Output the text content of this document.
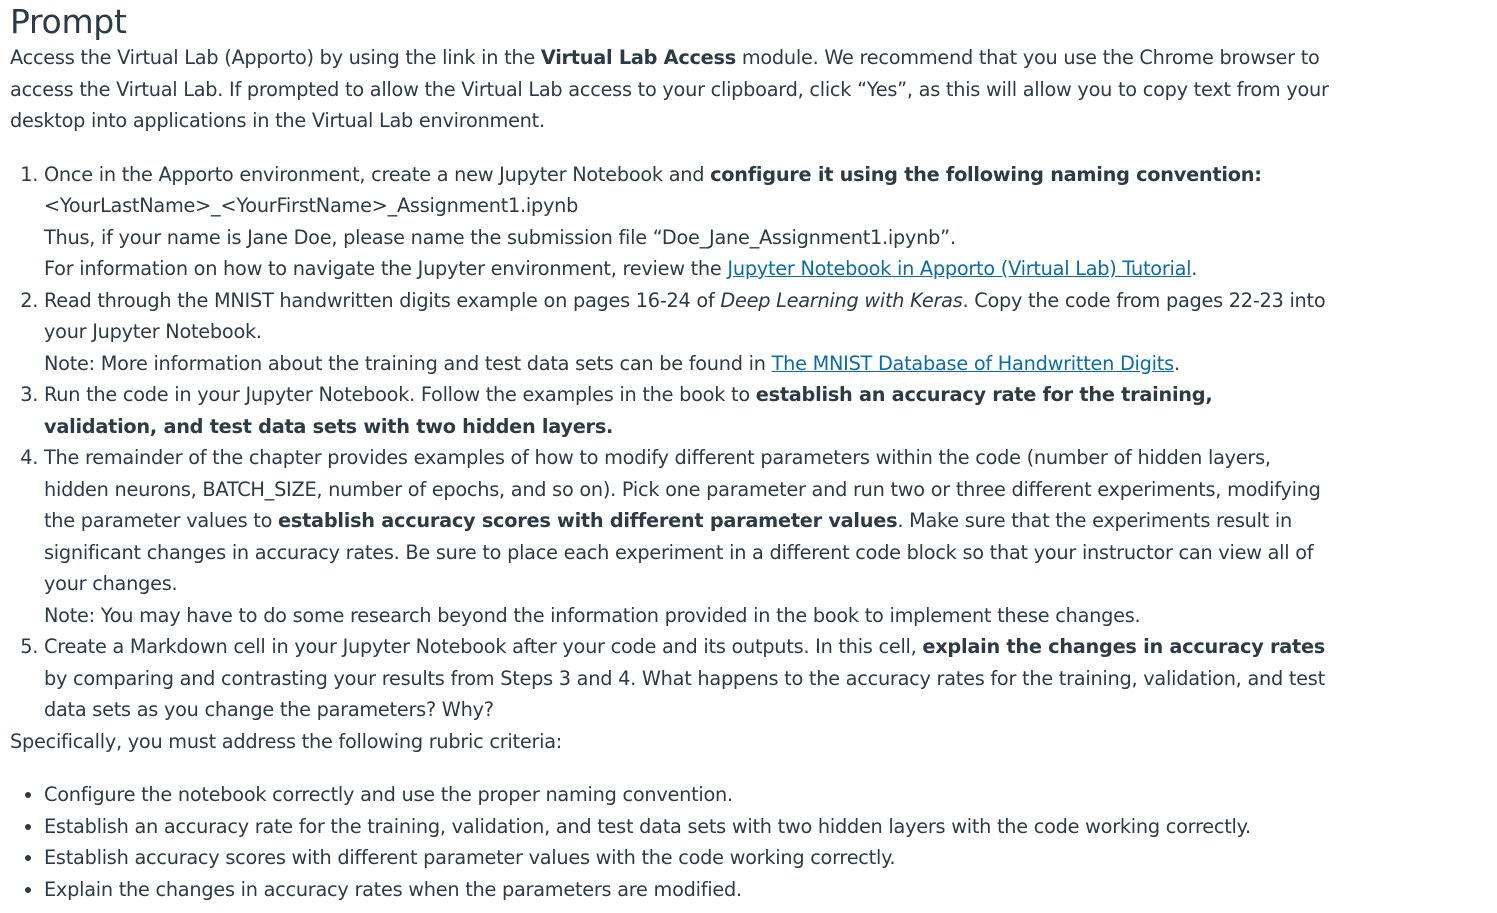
Prompt

Access the Virtual Lab (Apporto) by using the link in the Virtual Lab Access module. We recommend that you use the Chrome browser to access the Virtual Lab. If prompted to allow the Virtual Lab access to your clipboard, click “Yes”, as this will allow you to copy text from your desktop into applications in the Virtual Lab environment.

1. Once in the Apporto environment, create a new Jupyter Notebook and configure it using the following naming convention:
<YourLastName>_<YourFirstName>_Assignment1.ipynb
Thus, if your name is Jane Doe, please name the submission file “Doe_Jane_Assignment1.ipynb”.
For information on how to navigate the Jupyter environment, review the Jupyter Notebook in Apporto (Virtual Lab) Tutorial.
2. Read through the MNIST handwritten digits example on pages 16-24 of Deep Learning with Keras. Copy the code from pages 22-23 into your Jupyter Notebook.
Note: More information about the training and test data sets can be found in The MNIST Database of Handwritten Digits.
3. Run the code in your Jupyter Notebook. Follow the examples in the book to establish an accuracy rate for the training, validation, and test data sets with two hidden layers.
4. The remainder of the chapter provides examples of how to modify different parameters within the code (number of hidden layers, hidden neurons, BATCH_SIZE, number of epochs, and so on). Pick one parameter and run two or three different experiments, modifying the parameter values to establish accuracy scores with different parameter values. Make sure that the experiments result in significant changes in accuracy rates. Be sure to place each experiment in a different code block so that your instructor can view all of your changes.
Note: You may have to do some research beyond the information provided in the book to implement these changes.
5. Create a Markdown cell in your Jupyter Notebook after your code and its outputs. In this cell, explain the changes in accuracy rates by comparing and contrasting your results from Steps 3 and 4. What happens to the accuracy rates for the training, validation, and test data sets as you change the parameters? Why?

Specifically, you must address the following rubric criteria:

• Configure the notebook correctly and use the proper naming convention.
• Establish an accuracy rate for the training, validation, and test data sets with two hidden layers with the code working correctly.
• Establish accuracy scores with different parameter values with the code working correctly.
• Explain the changes in accuracy rates when the parameters are modified.
